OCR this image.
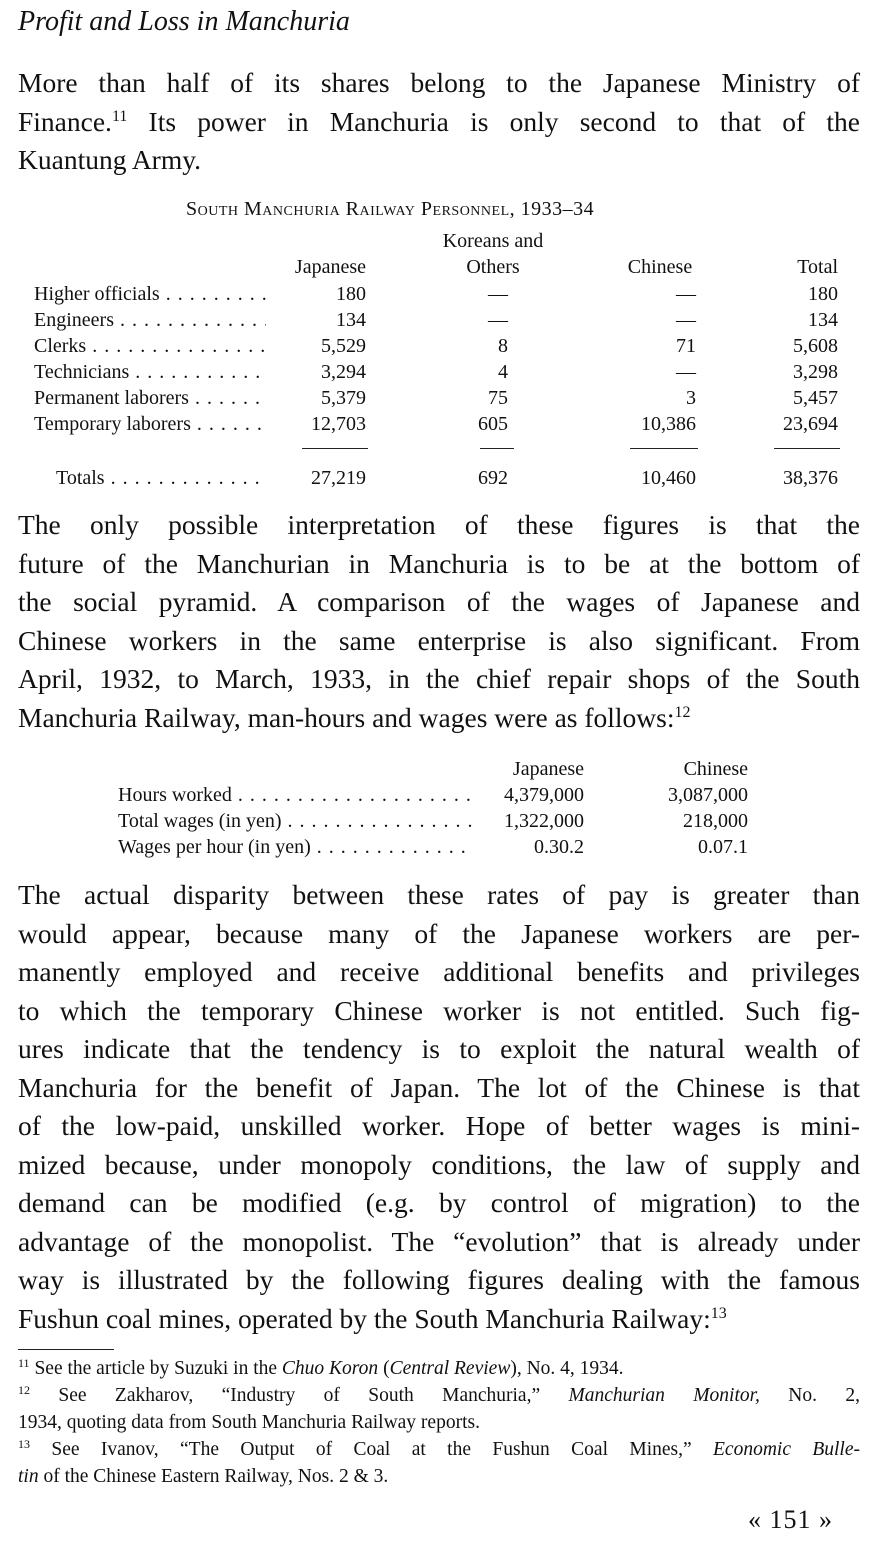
Profit and Loss in Manchuria

More than half of its shares belong to the Japanese Ministry of
Finance.$^{11}$ Its power in Manchuria is only second to that of the
Kuantung Army.

South Manchuria Railway Personnel, 1933–34
Koreans and
Japanese	Others	Chinese	Total
Higher officials . . .	180	—	—	180
Engineers . . .	134	—	—	134
Clerks . . .	5,529	8	71	5,608
Technicians . . .	3,294	4	—	3,298
Permanent laborers . . .	5,379	75	3	5,457
Temporary laborers . . .	12,703	605	10,386	23,694
Totals . . .	27,219	692	10,460	38,376

The only possible interpretation of these figures is that the
future of the Manchurian in Manchuria is to be at the bottom of
the social pyramid. A comparison of the wages of Japanese and
Chinese workers in the same enterprise is also significant. From
April, 1932, to March, 1933, in the chief repair shops of the South
Manchuria Railway, man-hours and wages were as follows:$^{12}$

Japanese	Chinese
Hours worked . . .	4,379,000	3,087,000
Total wages (in yen) . . .	1,322,000	218,000
Wages per hour (in yen) . . .	0.30.2	0.07.1

The actual disparity between these rates of pay is greater than
would appear, because many of the Japanese workers are per-
manently employed and receive additional benefits and privileges
to which the temporary Chinese worker is not entitled. Such fig-
ures indicate that the tendency is to exploit the natural wealth of
Manchuria for the benefit of Japan. The lot of the Chinese is that
of the low-paid, unskilled worker. Hope of better wages is mini-
mized because, under monopoly conditions, the law of supply and
demand can be modified (e.g. by control of migration) to the
advantage of the monopolist. The “evolution” that is already under
way is illustrated by the following figures dealing with the famous
Fushun coal mines, operated by the South Manchuria Railway:$^{13}$

$^{11}$ See the article by Suzuki in the Chuo Koron (Central Review), No. 4, 1934.

$^{12}$ See Zakharov, “Industry of South Manchuria,” Manchurian Monitor, No. 2,
1934, quoting data from South Manchuria Railway reports.

$^{13}$ See Ivanov, “The Output of Coal at the Fushun Coal Mines,” Economic Bulle-
tin of the Chinese Eastern Railway, Nos. 2 & 3.

« 151 »
